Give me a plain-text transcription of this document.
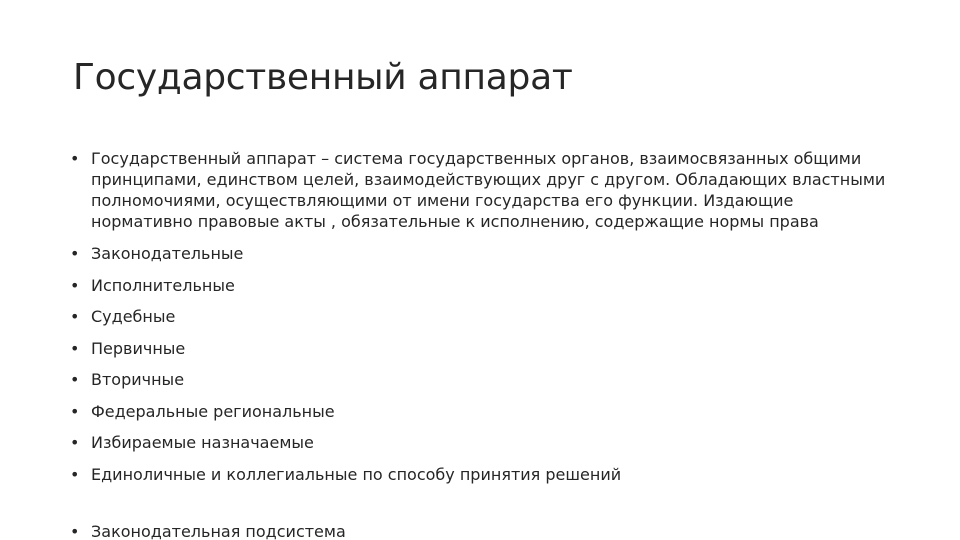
Государственный аппарат
• Государственный аппарат – система государственных органов, взаимосвязанных общими принципами, единством целей, взаимодействующих друг с другом. Обладающих властными полномочиями, осуществляющими от имени государства его функции. Издающие нормативно правовые акты , обязательные к исполнению, содержащие нормы права
• Законодательные
• Исполнительные
• Судебные
• Первичные
• Вторичные
• Федеральные региональные
• Избираемые назначаемые
• Единоличные и коллегиальные по способу принятия решений
• Законодательная подсистема
